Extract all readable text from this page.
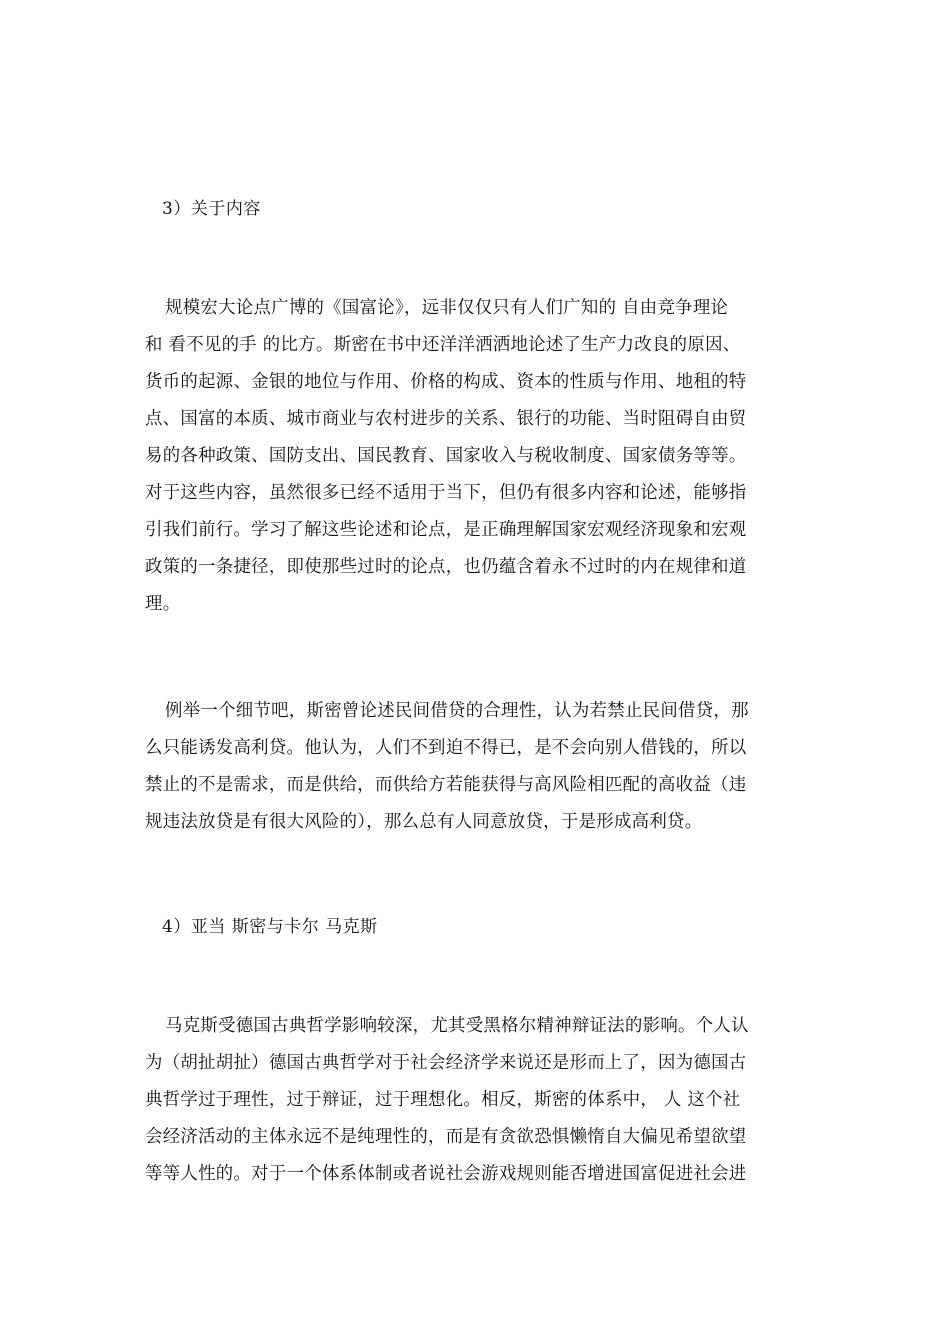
3）关于内容
规模宏大论点广博的《国富论》，远非仅仅只有人们广知的 自由竞争理论
和 看不见的手 的比方。斯密在书中还洋洋洒洒地论述了生产力改良的原因、
货币的起源、金银的地位与作用、价格的构成、资本的性质与作用、地租的特
点、国富的本质、城市商业与农村进步的关系、银行的功能、当时阻碍自由贸
易的各种政策、国防支出、国民教育、国家收入与税收制度、国家债务等等。
对于这些内容，虽然很多已经不适用于当下，但仍有很多内容和论述，能够指
引我们前行。学习了解这些论述和论点，是正确理解国家宏观经济现象和宏观
政策的一条捷径，即使那些过时的论点，也仍蕴含着永不过时的内在规律和道
理。
例举一个细节吧，斯密曾论述民间借贷的合理性，认为若禁止民间借贷，那
么只能诱发高利贷。他认为，人们不到迫不得已，是不会向别人借钱的，所以
禁止的不是需求，而是供给，而供给方若能获得与高风险相匹配的高收益（违
规违法放贷是有很大风险的），那么总有人同意放贷，于是形成高利贷。
4）亚当 斯密与卡尔 马克斯
马克斯受德国古典哲学影响较深，尤其受黑格尔精神辩证法的影响。个人认
为（胡扯胡扯）德国古典哲学对于社会经济学来说还是形而上了，因为德国古
典哲学过于理性，过于辩证，过于理想化。相反，斯密的体系中， 人 这个社
会经济活动的主体永远不是纯理性的，而是有贪欲恐惧懒惰自大偏见希望欲望
等等人性的。对于一个体系体制或者说社会游戏规则能否增进国富促进社会进
